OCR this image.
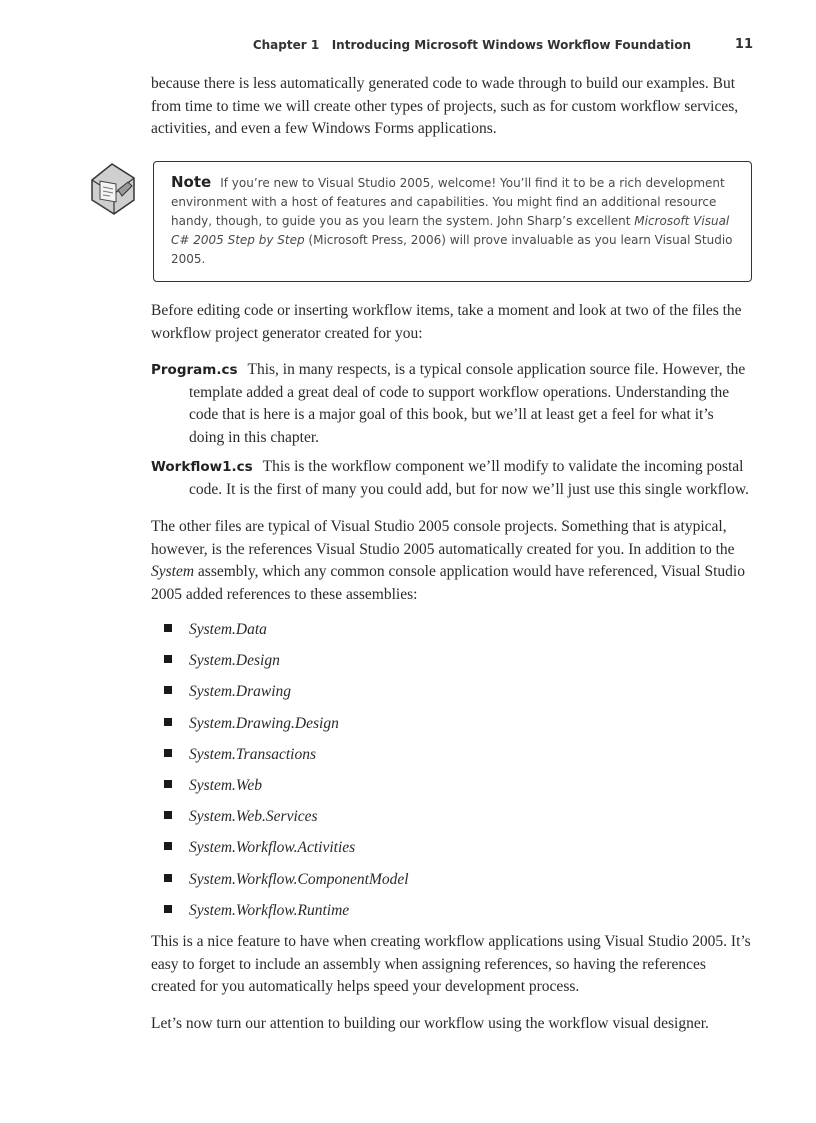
Chapter 1   Introducing Microsoft Windows Workflow Foundation	11

because there is less automatically generated code to wade through to build our examples. But from time to time we will create other types of projects, such as for custom workflow services, activities, and even a few Windows Forms applications.

Note If you’re new to Visual Studio 2005, welcome! You’ll find it to be a rich development environment with a host of features and capabilities. You might find an additional resource handy, though, to guide you as you learn the system. John Sharp’s excellent Microsoft Visual C# 2005 Step by Step (Microsoft Press, 2006) will prove invaluable as you learn Visual Studio 2005.

Before editing code or inserting workflow items, take a moment and look at two of the files the workflow project generator created for you:

Program.cs This, in many respects, is a typical console application source file. However, the template added a great deal of code to support workflow operations. Understanding the code that is here is a major goal of this book, but we’ll at least get a feel for what it’s doing in this chapter.

Workflow1.cs This is the workflow component we’ll modify to validate the incoming postal code. It is the first of many you could add, but for now we’ll just use this single workflow.

The other files are typical of Visual Studio 2005 console projects. Something that is atypical, however, is the references Visual Studio 2005 automatically created for you. In addition to the System assembly, which any common console application would have referenced, Visual Studio 2005 added references to these assemblies:

System.Data
System.Design
System.Drawing
System.Drawing.Design
System.Transactions
System.Web
System.Web.Services
System.Workflow.Activities
System.Workflow.ComponentModel
System.Workflow.Runtime

This is a nice feature to have when creating workflow applications using Visual Studio 2005. It’s easy to forget to include an assembly when assigning references, so having the references created for you automatically helps speed your development process.

Let’s now turn our attention to building our workflow using the workflow visual designer.
